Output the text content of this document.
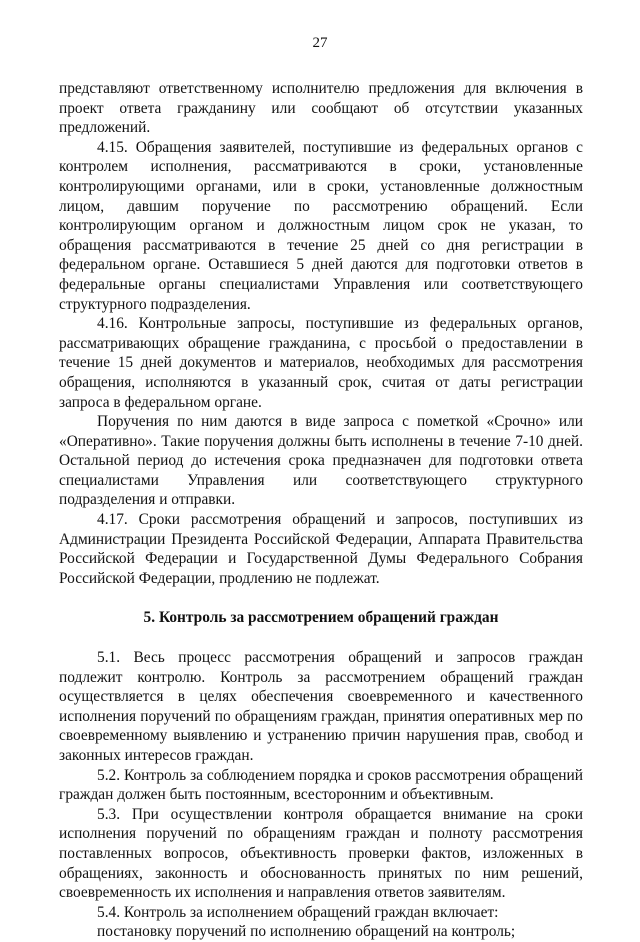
27

представляют ответственному исполнителю предложения для включения в проект ответа гражданину или сообщают об отсутствии указанных предложений.

4.15. Обращения заявителей, поступившие из федеральных органов с контролем исполнения, рассматриваются в сроки, установленные контролирующими органами, или в сроки, установленные должностным лицом, давшим поручение по рассмотрению обращений. Если контролирующим органом и должностным лицом срок не указан, то обращения рассматриваются в течение 25 дней со дня регистрации в федеральном органе. Оставшиеся 5 дней даются для подготовки ответов в федеральные органы специалистами Управления или соответствующего структурного подразделения.

4.16. Контрольные запросы, поступившие из федеральных органов, рассматривающих обращение гражданина, с просьбой о предоставлении в течение 15 дней документов и материалов, необходимых для рассмотрения обращения, исполняются в указанный срок, считая от даты регистрации запроса в федеральном органе.

Поручения по ним даются в виде запроса с пометкой «Срочно» или «Оперативно». Такие поручения должны быть исполнены в течение 7-10 дней. Остальной период до истечения срока предназначен для подготовки ответа специалистами Управления или соответствующего структурного подразделения и отправки.

4.17. Сроки рассмотрения обращений и запросов, поступивших из Администрации Президента Российской Федерации, Аппарата Правительства Российской Федерации и Государственной Думы Федерального Собрания Российской Федерации, продлению не подлежат.

5. Контроль за рассмотрением обращений граждан

5.1. Весь процесс рассмотрения обращений и запросов граждан подлежит контролю. Контроль за рассмотрением обращений граждан осуществляется в целях обеспечения своевременного и качественного исполнения поручений по обращениям граждан, принятия оперативных мер по своевременному выявлению и устранению причин нарушения прав, свобод и законных интересов граждан.

5.2. Контроль за соблюдением порядка и сроков рассмотрения обращений граждан должен быть постоянным, всесторонним и объективным.

5.3. При осуществлении контроля обращается внимание на сроки исполнения поручений по обращениям граждан и полноту рассмотрения поставленных вопросов, объективность проверки фактов, изложенных в обращениях, законность и обоснованность принятых по ним решений, своевременность их исполнения и направления ответов заявителям.

5.4. Контроль за исполнением обращений граждан включает:

постановку поручений по исполнению обращений на контроль;
